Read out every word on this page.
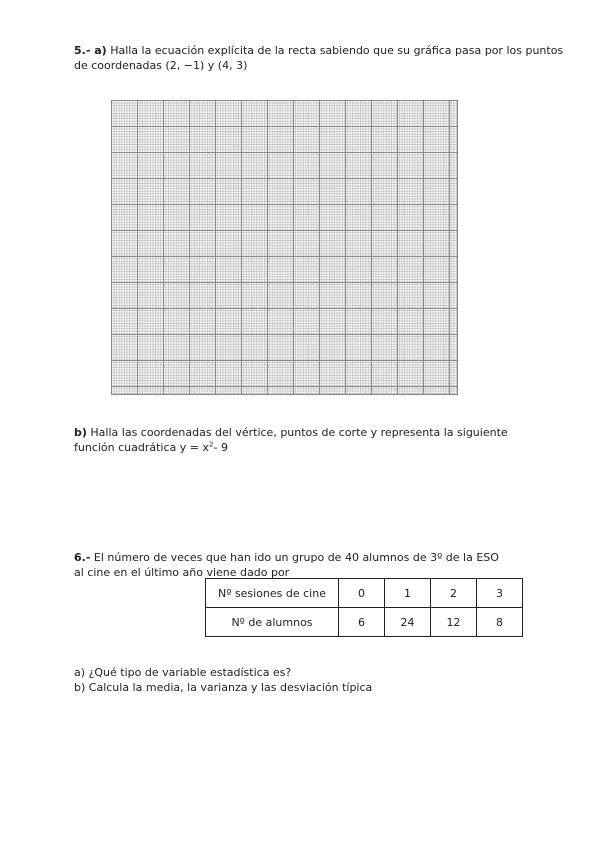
5.- a) Halla la ecuación explícita de la recta sabiendo que su gráfica pasa por los puntos
de coordenadas (2, −1) y (4, 3)

b) Halla las coordenadas del vértice, puntos de corte y representa la siguiente
función cuadrática $y = x^2-$ 9

6.- El número de veces que han ido un grupo de 40 alumnos de 3º de la ESO
al cine en el último año viene dado por

Nº sesiones de cine	0	1	2	3
Nº de alumnos	6	24	12	8

a) ¿Qué tipo de variable estadística es?
b) Calcula la media, la varianza y las desviación típica
